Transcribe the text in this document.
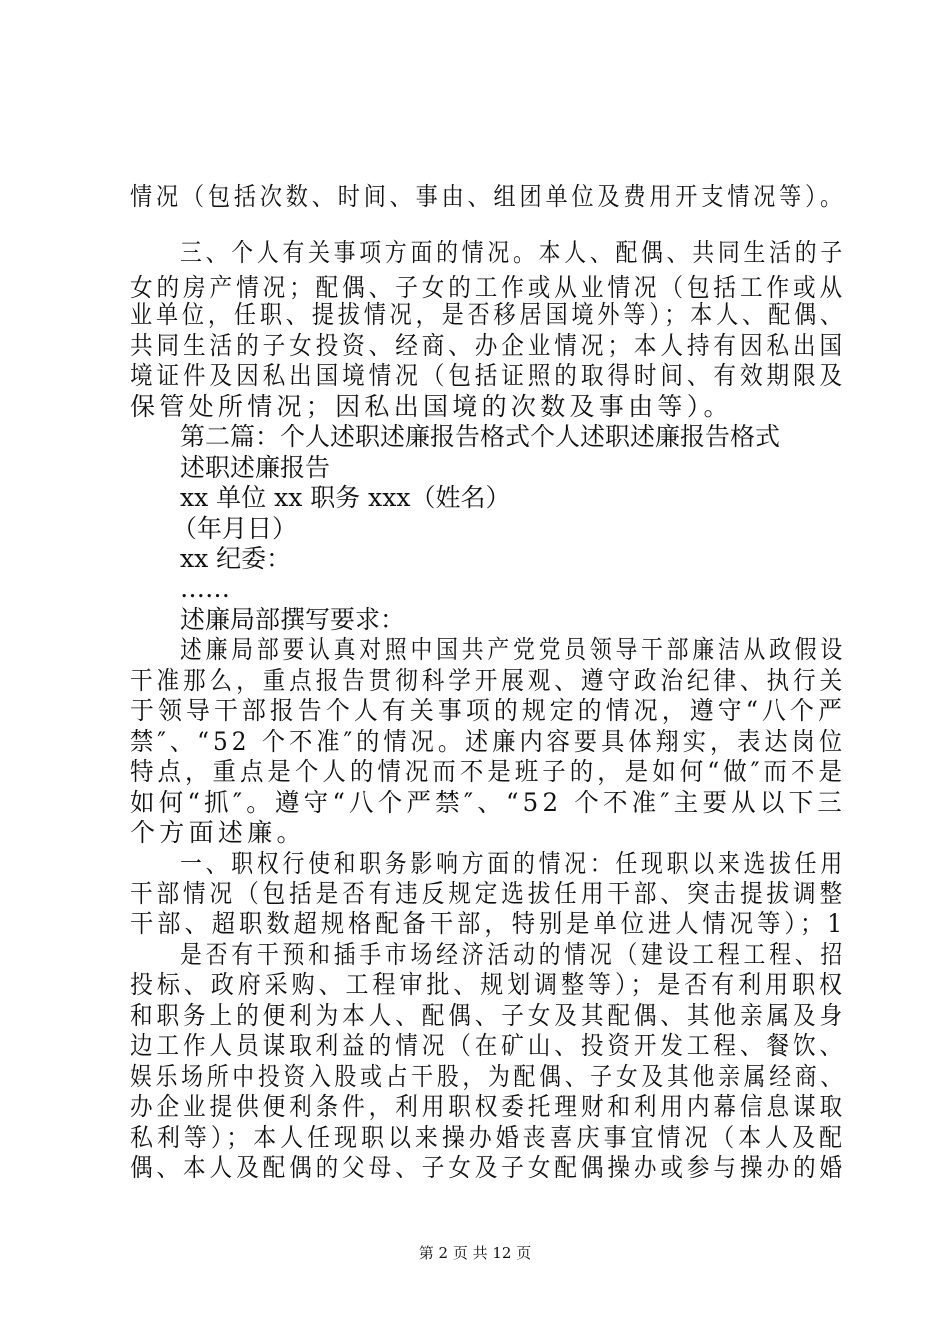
情况（包括次数、时间、事由、组团单位及费用开支情况等）。

三、个人有关事项方面的情况。本人、配偶、共同生活的子

女的房产情况；配偶、子女的工作或从业情况（包括工作或从

业单位，任职、提拔情况，是否移居国境外等）；本人、配偶、

共同生活的子女投资、经商、办企业情况；本人持有因私出国

境证件及因私出国境情况（包括证照的取得时间、有效期限及

保管处所情况；因私出国境的次数及事由等）。

第二篇：个人述职述廉报告格式个人述职述廉报告格式

述职述廉报告

xx 单位 xx 职务 xxx（姓名）

（年月日）

xx 纪委：

……

述廉局部撰写要求：

述廉局部要认真对照中国共产党党员领导干部廉洁从政假设

干准那么，重点报告贯彻科学开展观、遵守政治纪律、执行关

于领导干部报告个人有关事项的规定的情况，遵守“八个严

禁″、“52 个不准″的情况。述廉内容要具体翔实，表达岗位

特点，重点是个人的情况而不是班子的，是如何“做″而不是

如何“抓″。遵守“八个严禁″、“52 个不准″主要从以下三

个方面述廉。

一、职权行使和职务影响方面的情况：任现职以来选拔任用

干部情况（包括是否有违反规定选拔任用干部、突击提拔调整

干部、超职数超规格配备干部，特别是单位进人情况等）；1

是否有干预和插手市场经济活动的情况（建设工程工程、招

投标、政府采购、工程审批、规划调整等）；是否有利用职权

和职务上的便利为本人、配偶、子女及其配偶、其他亲属及身

边工作人员谋取利益的情况（在矿山、投资开发工程、餐饮、

娱乐场所中投资入股或占干股，为配偶、子女及其他亲属经商、

办企业提供便利条件，利用职权委托理财和利用内幕信息谋取

私利等）；本人任现职以来操办婚丧喜庆事宜情况（本人及配

偶、本人及配偶的父母、子女及子女配偶操办或参与操办的婚

第 2 页 共 12 页
